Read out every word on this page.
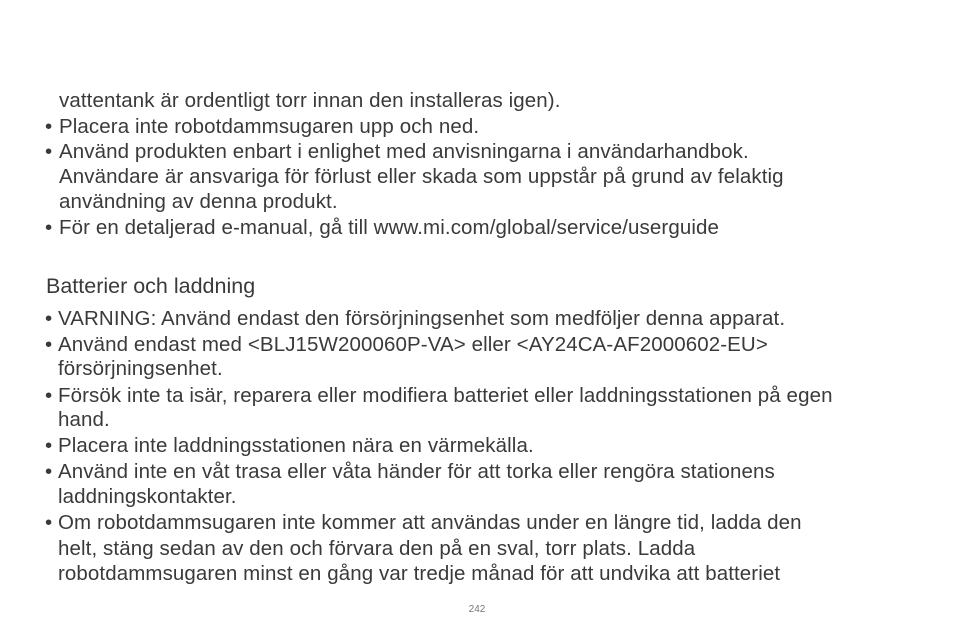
vattentank är ordentligt torr innan den installeras igen).
• Placera inte robotdammsugaren upp och ned.
• Använd produkten enbart i enlighet med anvisningarna i användarhandbok.
Användare är ansvariga för förlust eller skada som uppstår på grund av felaktig
användning av denna produkt.
• För en detaljerad e-manual, gå till www.mi.com/global/service/userguide
Batterier och laddning
• VARNING: Använd endast den försörjningsenhet som medföljer denna apparat.
• Använd endast med <BLJ15W200060P-VA> eller <AY24CA-AF2000602-EU>
försörjningsenhet.
• Försök inte ta isär, reparera eller modifiera batteriet eller laddningsstationen på egen
hand.
• Placera inte laddningsstationen nära en värmekälla.
• Använd inte en våt trasa eller våta händer för att torka eller rengöra stationens
laddningskontakter.
• Om robotdammsugaren inte kommer att användas under en längre tid, ladda den
helt, stäng sedan av den och förvara den på en sval, torr plats. Ladda
robotdammsugaren minst en gång var tredje månad för att undvika att batteriet
242
